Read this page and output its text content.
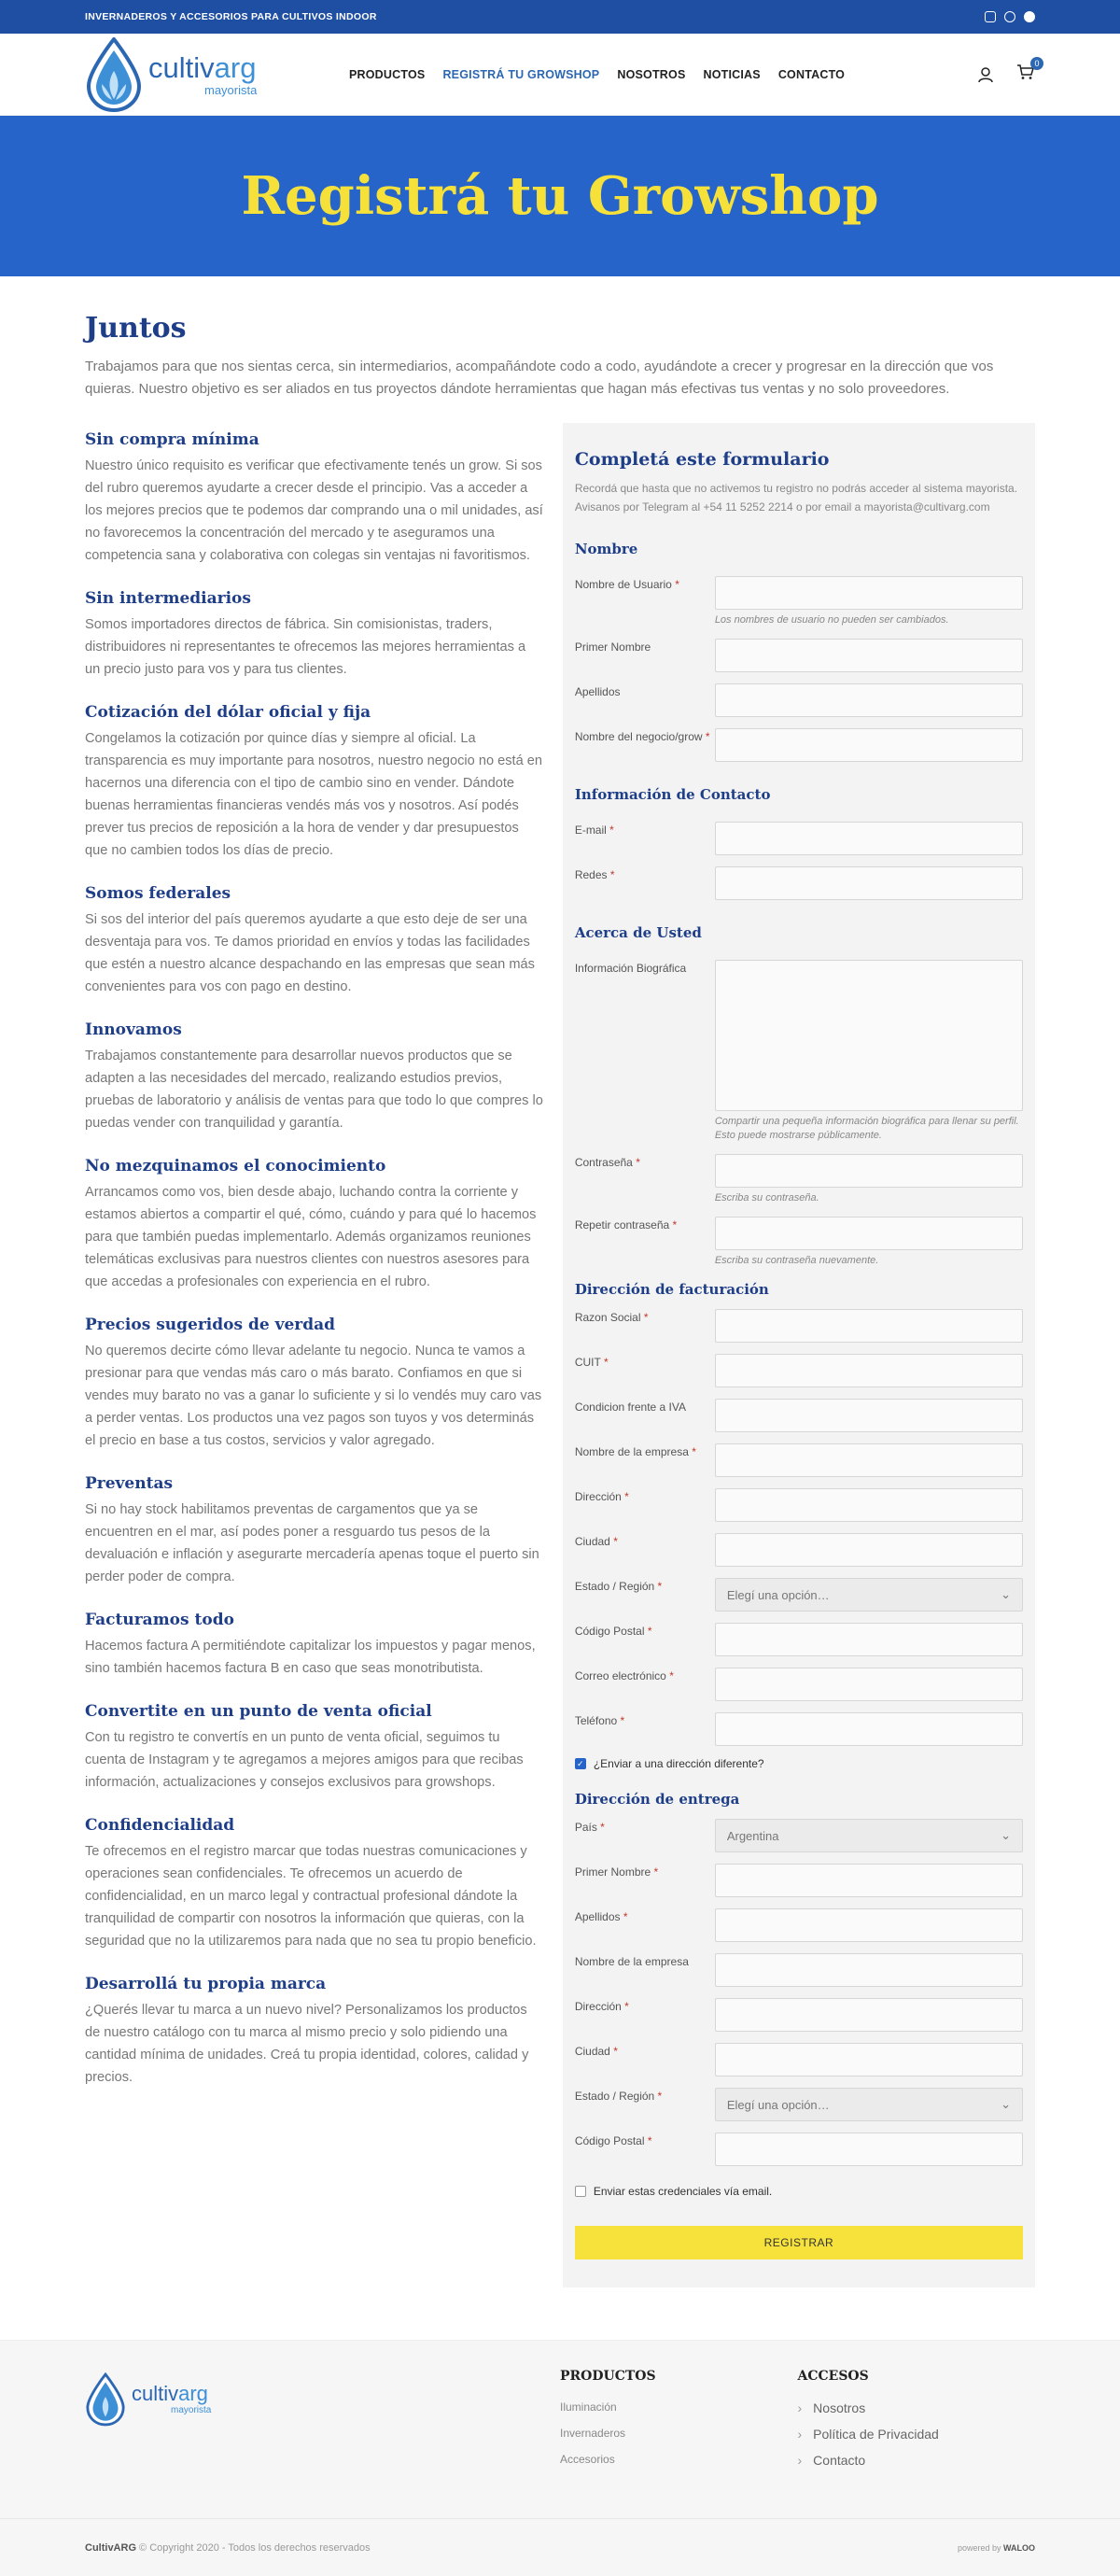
INVERNADEROS Y ACCESORIOS PARA CULTIVOS INDOOR
cultivarg
mayorista
PRODUCTOS REGISTRÁ TU GROWSHOP NOSOTROS NOTICIAS CONTACTO
0
Registrá tu Growshop
Juntos

Trabajamos para que nos sientas cerca, sin intermediarios, acompañándote codo a codo, ayudándote a crecer y progresar en la dirección que vos quieras. Nuestro objetivo es ser aliados en tus proyectos dándote herramientas que hagan más efectivas tus ventas y no solo proveedores.

Sin compra mínima

Nuestro único requisito es verificar que efectivamente tenés un grow. Si sos del rubro queremos ayudarte a crecer desde el principio. Vas a acceder a los mejores precios que te podemos dar comprando una o mil unidades, así no favorecemos la concentración del mercado y te aseguramos una competencia sana y colaborativa con colegas sin ventajas ni favoritismos.

Sin intermediarios

Somos importadores directos de fábrica. Sin comisionistas, traders, distribuidores ni representantes te ofrecemos las mejores herramientas a un precio justo para vos y para tus clientes.

Cotización del dólar oficial y fija

Congelamos la cotización por quince días y siempre al oficial. La transparencia es muy importante para nosotros, nuestro negocio no está en hacernos una diferencia con el tipo de cambio sino en vender. Dándote buenas herramientas financieras vendés más vos y nosotros. Así podés prever tus precios de reposición a la hora de vender y dar presupuestos que no cambien todos los días de precio.

Somos federales

Si sos del interior del país queremos ayudarte a que esto deje de ser una desventaja para vos. Te damos prioridad en envíos y todas las facilidades que estén a nuestro alcance despachando en las empresas que sean más convenientes para vos con pago en destino.

Innovamos

Trabajamos constantemente para desarrollar nuevos productos que se adapten a las necesidades del mercado, realizando estudios previos, pruebas de laboratorio y análisis de ventas para que todo lo que compres lo puedas vender con tranquilidad y garantía.

No mezquinamos el conocimiento

Arrancamos como vos, bien desde abajo, luchando contra la corriente y estamos abiertos a compartir el qué, cómo, cuándo y para qué lo hacemos para que también puedas implementarlo. Además organizamos reuniones telemáticas exclusivas para nuestros clientes con nuestros asesores para que accedas a profesionales con experiencia en el rubro.

Precios sugeridos de verdad

No queremos decirte cómo llevar adelante tu negocio. Nunca te vamos a presionar para que vendas más caro o más barato. Confiamos en que si vendes muy barato no vas a ganar lo suficiente y si lo vendés muy caro vas a perder ventas. Los productos una vez pagos son tuyos y vos determinás el precio en base a tus costos, servicios y valor agregado.

Preventas

Si no hay stock habilitamos preventas de cargamentos que ya se encuentren en el mar, así podes poner a resguardo tus pesos de la devaluación e inflación y asegurarte mercadería apenas toque el puerto sin perder poder de compra.

Facturamos todo

Hacemos factura A permitiéndote capitalizar los impuestos y pagar menos, sino también hacemos factura B en caso que seas monotributista.

Convertite en un punto de venta oficial

Con tu registro te convertís en un punto de venta oficial, seguimos tu cuenta de Instagram y te agregamos a mejores amigos para que recibas información, actualizaciones y consejos exclusivos para growshops.

Confidencialidad

Te ofrecemos en el registro marcar que todas nuestras comunicaciones y operaciones sean confidenciales. Te ofrecemos un acuerdo de confidencialidad, en un marco legal y contractual profesional dándote la tranquilidad de compartir con nosotros la información que quieras, con la seguridad que no la utilizaremos para nada que no sea tu propio beneficio.

Desarrollá tu propia marca

¿Querés llevar tu marca a un nuevo nivel? Personalizamos los productos de nuestro catálogo con tu marca al mismo precio y solo pidiendo una cantidad mínima de unidades. Creá tu propia identidad, colores, calidad y precios.

Completá este formulario

Recordá que hasta que no activemos tu registro no podrás acceder al sistema mayorista. Avisanos por Telegram al +54 11 5252 2214 o por email a mayorista@cultivarg.com

Nombre
Nombre de Usuario *
Los nombres de usuario no pueden ser cambiados.
Primer Nombre
Apellidos
Nombre del negocio/grow *
Información de Contacto
E-mail *
Redes *
Acerca de Usted
Información Biográfica
Compartir una pequeña información biográfica para llenar su perfil. Esto puede mostrarse públicamente.
Contraseña *
Escriba su contraseña.
Repetir contraseña *
Escriba su contraseña nuevamente.
Dirección de facturación
Razon Social *
CUIT *
Condicion frente a IVA
Nombre de la empresa *
Dirección *
Ciudad *
Estado / Región *
Elegí una opción…	⌄
Código Postal *
Correo electrónico *
Teléfono *
✓ ¿Enviar a una dirección diferente?
Dirección de entrega
País *
Argentina	⌄
Primer Nombre *
Apellidos *
Nombre de la empresa
Dirección *
Ciudad *
Estado / Región *
Elegí una opción…	⌄
Código Postal *
Enviar estas credenciales vía email.
REGISTRAR
cultivarg
mayorista
PRODUCTOS
Iluminación
Invernaderos
Accesorios
ACCESOS
› Nosotros
› Política de Privacidad
› Contacto
CultivARG © Copyright 2020 - Todos los derechos reservados	powered by WALOO
